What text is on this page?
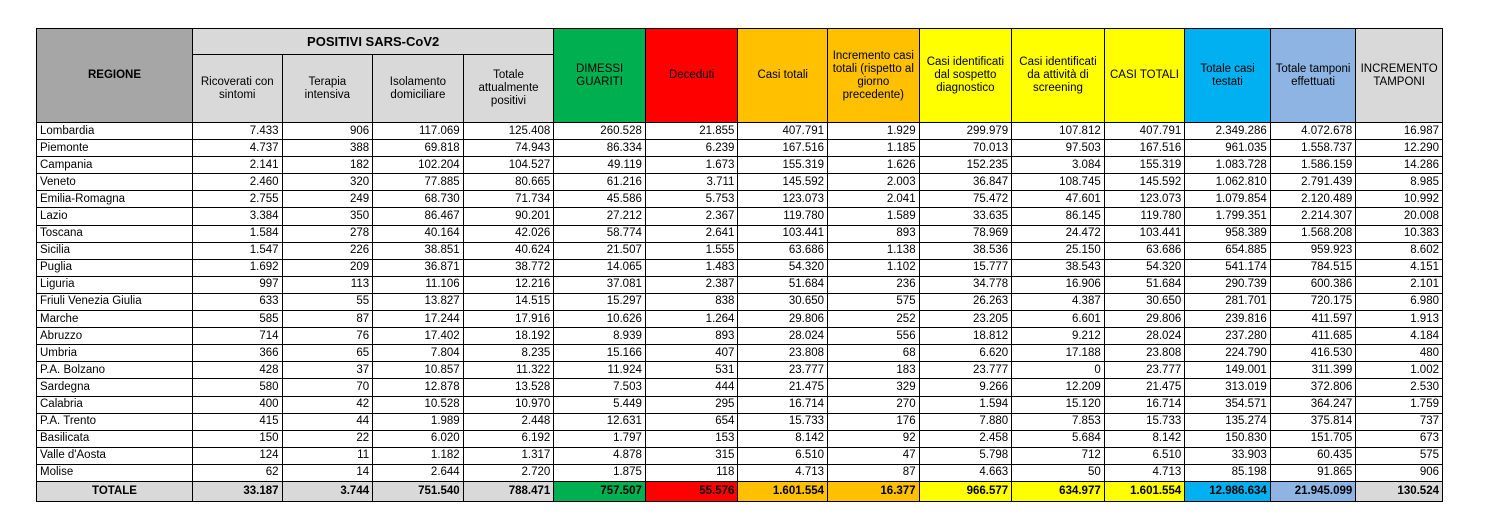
REGIONE	POSITIVI SARS-CoV2				DIMESSI GUARITI	Deceduti	Casi totali	Incremento casi totali (rispetto al giorno precedente)	Casi identificati dal sospetto diagnostico	Casi identificati da attività di screening	CASI TOTALI	Totale casi testati	Totale tamponi effettuati	INCREMENTO TAMPONI
	Ricoverati con sintomi	Terapia intensiva	Isolamento domiciliare	Totale attualmente positivi										
Lombardia	7.433	906	117.069	125.408	260.528	21.855	407.791	1.929	299.979	107.812	407.791	2.349.286	4.072.678	16.987
Piemonte	4.737	388	69.818	74.943	86.334	6.239	167.516	1.185	70.013	97.503	167.516	961.035	1.558.737	12.290
Campania	2.141	182	102.204	104.527	49.119	1.673	155.319	1.626	152.235	3.084	155.319	1.083.728	1.586.159	14.286
Veneto	2.460	320	77.885	80.665	61.216	3.711	145.592	2.003	36.847	108.745	145.592	1.062.810	2.791.439	8.985
Emilia-Romagna	2.755	249	68.730	71.734	45.586	5.753	123.073	2.041	75.472	47.601	123.073	1.079.854	2.120.489	10.992
Lazio	3.384	350	86.467	90.201	27.212	2.367	119.780	1.589	33.635	86.145	119.780	1.799.351	2.214.307	20.008
Toscana	1.584	278	40.164	42.026	58.774	2.641	103.441	893	78.969	24.472	103.441	958.389	1.568.208	10.383
Sicilia	1.547	226	38.851	40.624	21.507	1.555	63.686	1.138	38.536	25.150	63.686	654.885	959.923	8.602
Puglia	1.692	209	36.871	38.772	14.065	1.483	54.320	1.102	15.777	38.543	54.320	541.174	784.515	4.151
Liguria	997	113	11.106	12.216	37.081	2.387	51.684	236	34.778	16.906	51.684	290.739	600.386	2.101
Friuli Venezia Giulia	633	55	13.827	14.515	15.297	838	30.650	575	26.263	4.387	30.650	281.701	720.175	6.980
Marche	585	87	17.244	17.916	10.626	1.264	29.806	252	23.205	6.601	29.806	239.816	411.597	1.913
Abruzzo	714	76	17.402	18.192	8.939	893	28.024	556	18.812	9.212	28.024	237.280	411.685	4.184
Umbria	366	65	7.804	8.235	15.166	407	23.808	68	6.620	17.188	23.808	224.790	416.530	480
P.A. Bolzano	428	37	10.857	11.322	11.924	531	23.777	183	23.777	0	23.777	149.001	311.399	1.002
Sardegna	580	70	12.878	13.528	7.503	444	21.475	329	9.266	12.209	21.475	313.019	372.806	2.530
Calabria	400	42	10.528	10.970	5.449	295	16.714	270	1.594	15.120	16.714	354.571	364.247	1.759
P.A. Trento	415	44	1.989	2.448	12.631	654	15.733	176	7.880	7.853	15.733	135.274	375.814	737
Basilicata	150	22	6.020	6.192	1.797	153	8.142	92	2.458	5.684	8.142	150.830	151.705	673
Valle d'Aosta	124	11	1.182	1.317	4.878	315	6.510	47	5.798	712	6.510	33.903	60.435	575
Molise	62	14	2.644	2.720	1.875	118	4.713	87	4.663	50	4.713	85.198	91.865	906
TOTALE	33.187	3.744	751.540	788.471	757.507	55.576	1.601.554	16.377	966.577	634.977	1.601.554	12.986.634	21.945.099	130.524
